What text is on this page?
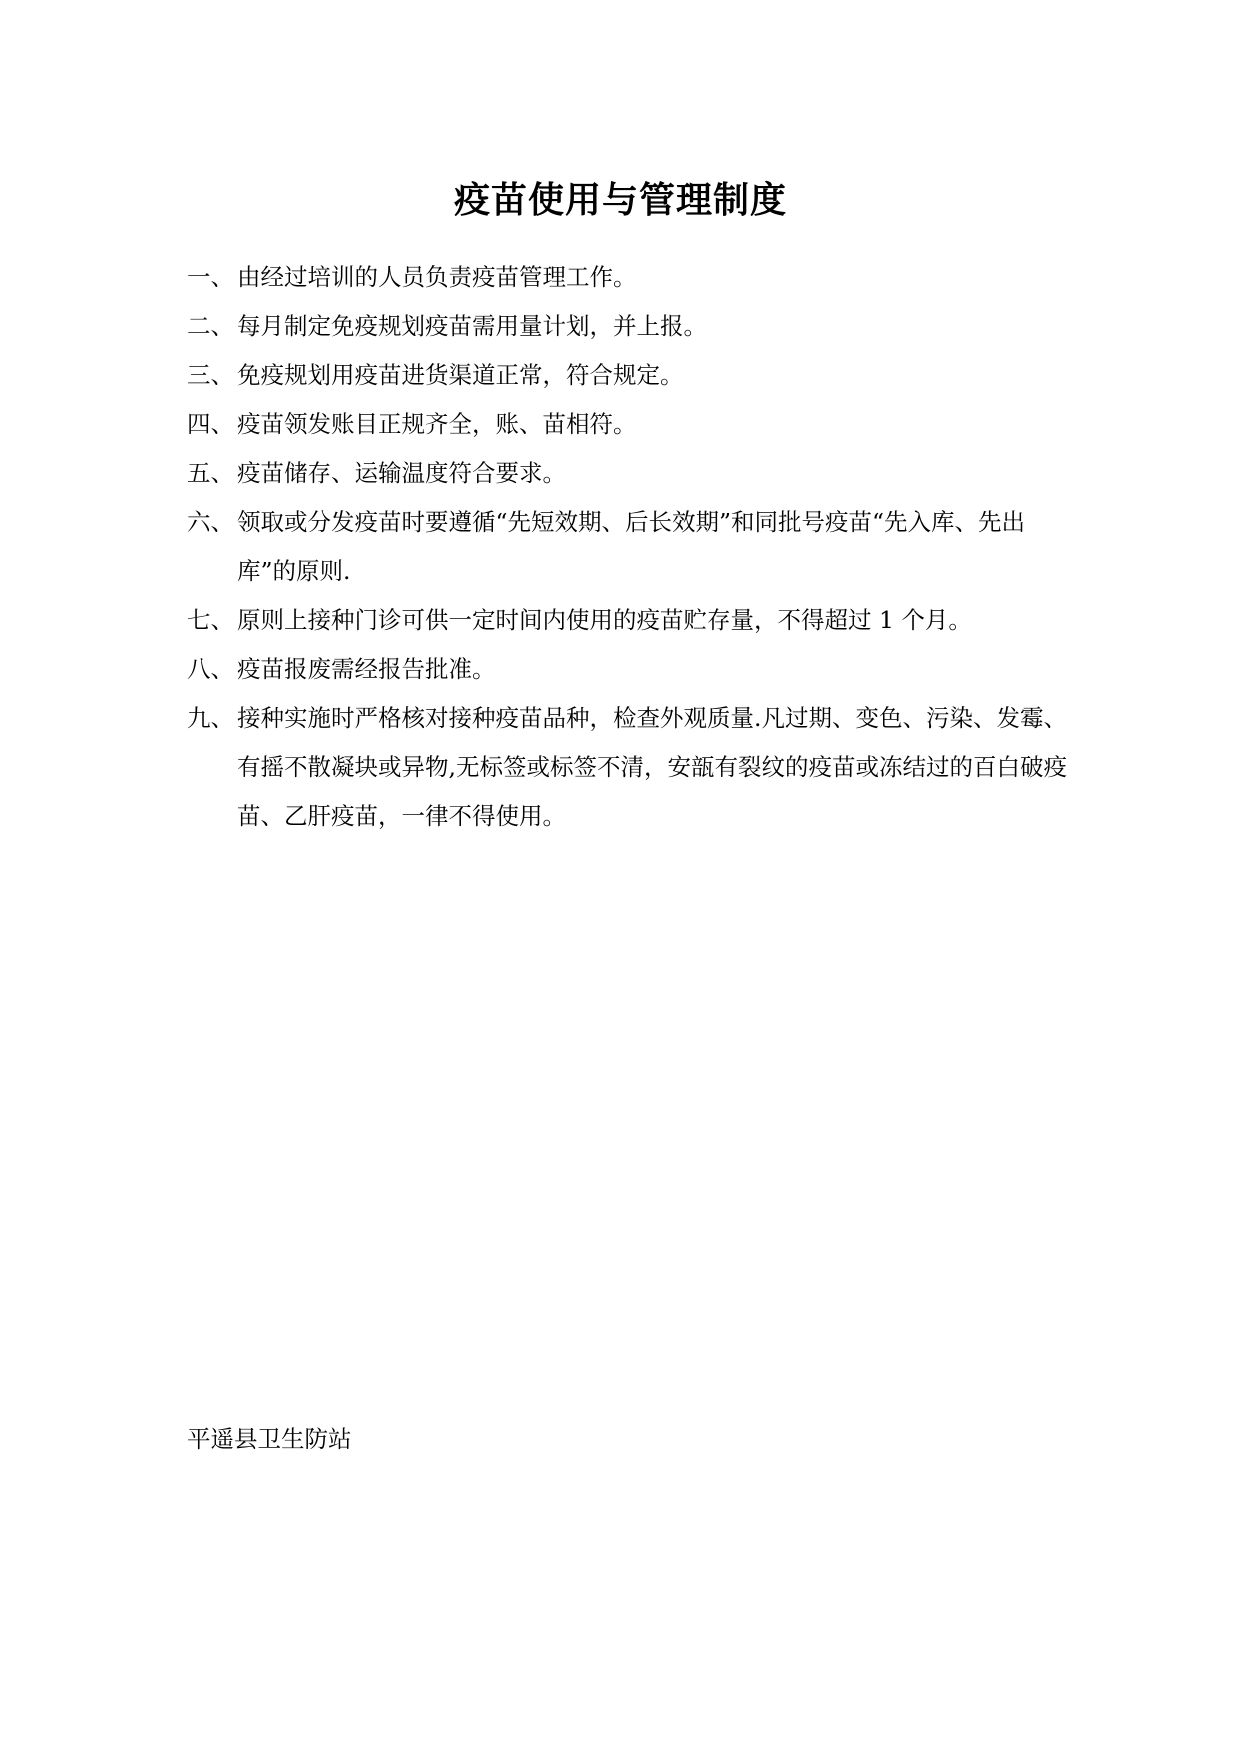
疫苗使用与管理制度
一、 由经过培训的人员负责疫苗管理工作。
二、 每月制定免疫规划疫苗需用量计划，并上报。
三、 免疫规划用疫苗进货渠道正常，符合规定。
四、 疫苗领发账目正规齐全，账、苗相符。
五、 疫苗储存、运输温度符合要求。
六、 领取或分发疫苗时要遵循“先短效期、后长效期”和同批号疫苗“先入库、先出库”的原则.
七、 原则上接种门诊可供一定时间内使用的疫苗贮存量，不得超过 1 个月。
八、 疫苗报废需经报告批准。
九、 接种实施时严格核对接种疫苗品种，检查外观质量.凡过期、变色、污染、发霉、有摇不散凝块或异物,无标签或标签不清，安瓿有裂纹的疫苗或冻结过的百白破疫苗、乙肝疫苗，一律不得使用。
平遥县卫生防站
